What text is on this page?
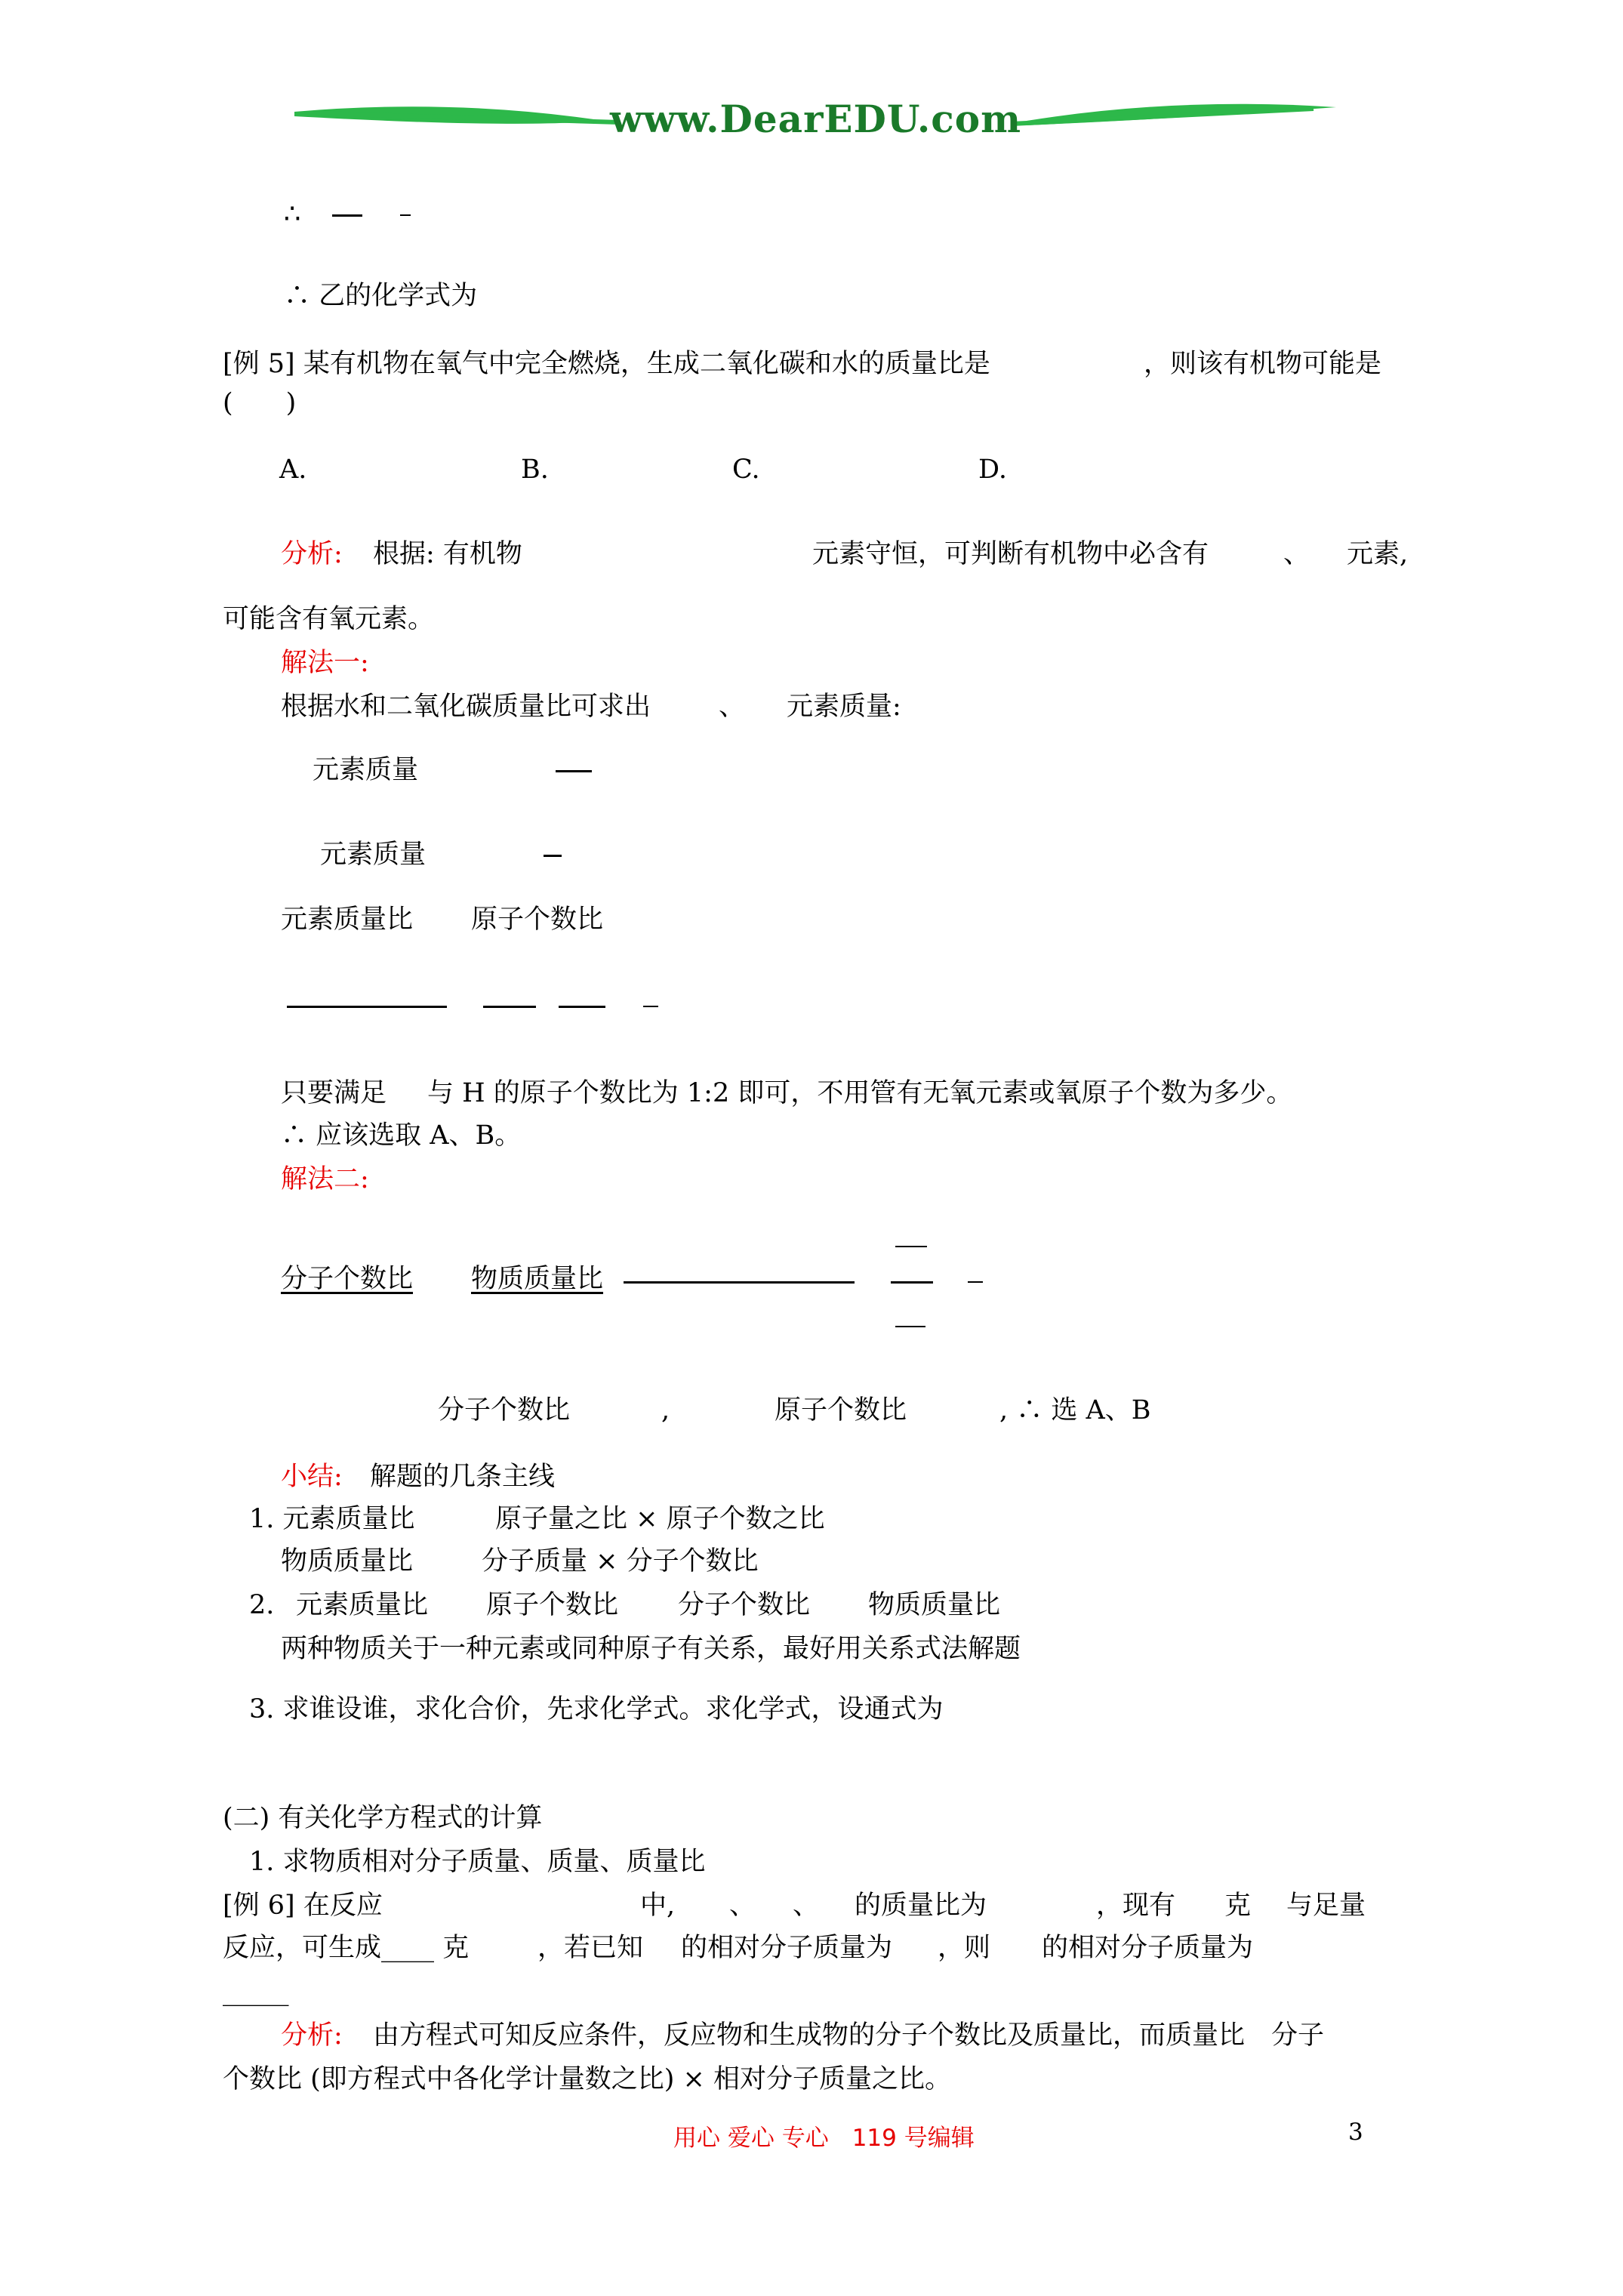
www.DearEDU.com
∴
∴ 乙的化学式为
[例 5] 某有机物在氧气中完全燃烧，生成二氧化碳和水的质量比是	，则该有机物可能是
(　　)
A.	B.	C.	D.
分析: 根据: 有机物	元素守恒，可判断有机物中必含有	、 元素,
可能含有氧元素。
解法一:
根据水和二氧化碳质量比可求出	、 元素质量:
元素质量
元素质量
元素质量比 原子个数比
只要满足 与 H 的原子个数比为 1:2 即可，不用管有无氧元素或氧原子个数为多少。
∴ 应该选取 A、B。
解法二:
分子个数比 物质质量比
分子个数比	,	原子个数比	, ∴ 选 A、B
小结: 解题的几条主线
1. 元素质量比	原子量之比 × 原子个数之比
物质质量比	分子质量 × 分子个数比
2. 元素质量比 原子个数比 分子个数比 物质质量比
两种物质关于一种元素或同种原子有关系，最好用关系式法解题
3. 求谁设谁，求化合价，先求化学式。求化学式，设通式为
(二) 有关化学方程式的计算
1. 求物质相对分子质量、质量、质量比
[例 6] 在反应	中, 、 、 的质量比为	，现有 克 与足量
反应，可生成____ 克	，若已知 的相对分子质量为 ，则 的相对分子质量为
_____
分析: 由方程式可知反应条件，反应物和生成物的分子个数比及质量比，而质量比　分子
个数比 (即方程式中各化学计量数之比) × 相对分子质量之比。
用心 爱心 专心　119 号编辑	3
